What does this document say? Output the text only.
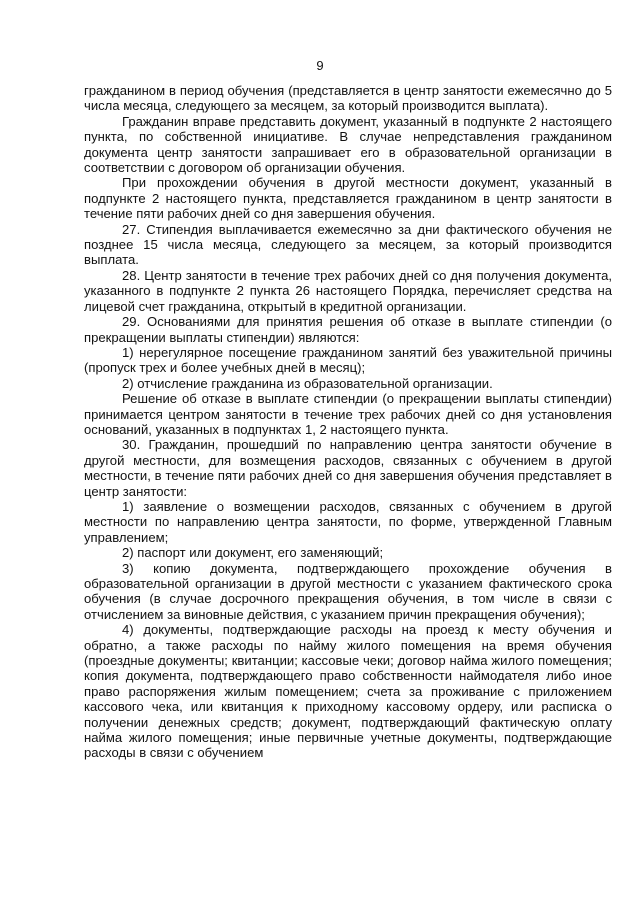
9

гражданином в период обучения (представляется в центр занятости ежемесячно до 5 числа месяца, следующего за месяцем, за который производится выплата).

Гражданин вправе представить документ, указанный в подпункте 2 настоящего пункта, по собственной инициативе. В случае непредставления гражданином документа центр занятости запрашивает его в образовательной организации в соответствии с договором об организации обучения.

При прохождении обучения в другой местности документ, указанный в подпункте 2 настоящего пункта, представляется гражданином в центр занятости в течение пяти рабочих дней со дня завершения обучения.

27. Стипендия выплачивается ежемесячно за дни фактического обучения не позднее 15 числа месяца, следующего за месяцем, за который производится выплата.

28. Центр занятости в течение трех рабочих дней со дня получения документа, указанного в подпункте 2 пункта 26 настоящего Порядка, перечисляет средства на лицевой счет гражданина, открытый в кредитной организации.

29. Основаниями для принятия решения об отказе в выплате стипендии (о прекращении выплаты стипендии) являются:

1) нерегулярное посещение гражданином занятий без уважительной причины (пропуск трех и более учебных дней в месяц);

2) отчисление гражданина из образовательной организации.

Решение об отказе в выплате стипендии (о прекращении выплаты стипендии) принимается центром занятости в течение трех рабочих дней со дня установления оснований, указанных в подпунктах 1, 2 настоящего пункта.

30. Гражданин, прошедший по направлению центра занятости обучение в другой местности, для возмещения расходов, связанных с обучением в другой местности, в течение пяти рабочих дней со дня завершения обучения представляет в центр занятости:

1) заявление о возмещении расходов, связанных с обучением в другой местности по направлению центра занятости, по форме, утвержденной Главным управлением;

2) паспорт или документ, его заменяющий;

3) копию документа, подтверждающего прохождение обучения в образовательной организации в другой местности с указанием фактического срока обучения (в случае досрочного прекращения обучения, в том числе в связи с отчислением за виновные действия, с указанием причин прекращения обучения);

4) документы, подтверждающие расходы на проезд к месту обучения и обратно, а также расходы по найму жилого помещения на время обучения (проездные документы; квитанции; кассовые чеки; договор найма жилого помещения; копия документа, подтверждающего право собственности наймодателя либо иное право распоряжения жилым помещением; счета за проживание с приложением кассового чека, или квитанция к приходному кассовому ордеру, или расписка о получении денежных средств; документ, подтверждающий фактическую оплату найма жилого помещения; иные первичные учетные документы, подтверждающие расходы в связи с обучением
